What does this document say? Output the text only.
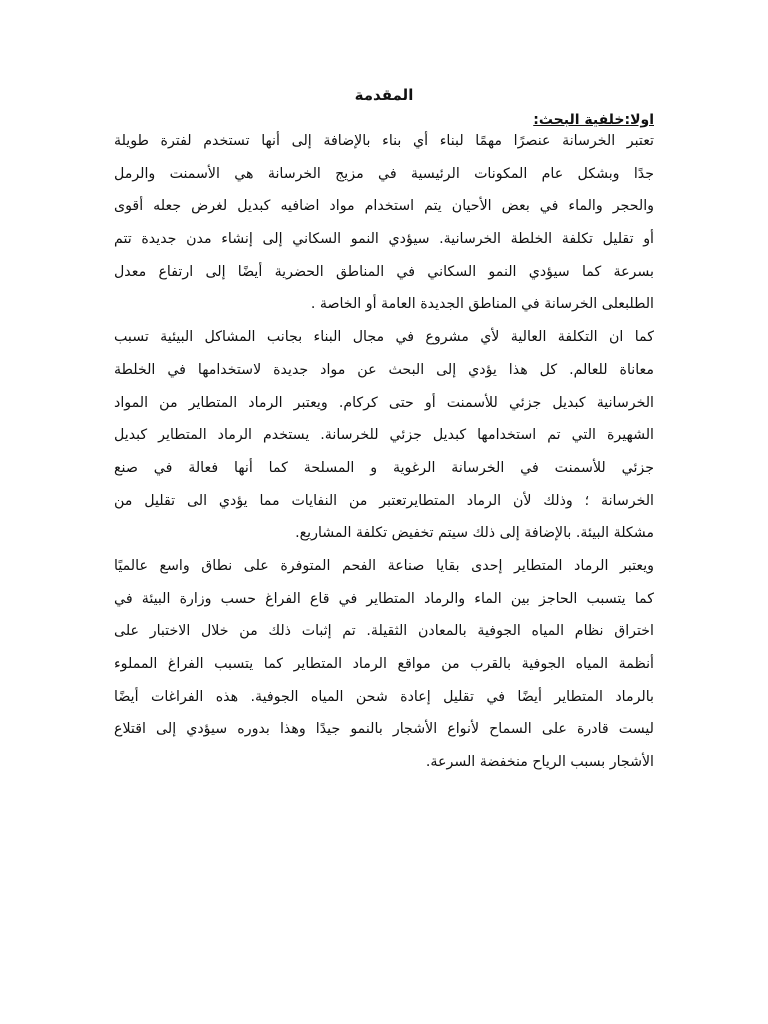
المقدمة
اولا:خلفية البحث:
تعتبر الخرسانة عنصرًا مهمًا لبناء أي بناء بالإضافة إلى أنها تستخدم لفترة طويلة
جدًا وبشكل عام المكونات الرئيسية في مزيج الخرسانة هي الأسمنت والرمل
والحجر والماء في بعض الأحيان يتم استخدام مواد اضافيه كبديل لغرض جعله أقوى
أو تقليل تكلفة الخلطة الخرسانية. سيؤدي النمو السكاني إلى إنشاء مدن جديدة تتم
بسرعة كما سيؤدي النمو السكاني في المناطق الحضرية أيضًا إلى ارتفاع معدل
الطلبعلى الخرسانة في المناطق الجديدة العامة أو الخاصة .
كما ان التكلفة العالية لأي مشروع في مجال البناء بجانب المشاكل البيئية تسبب
معاناة للعالم. كل هذا يؤدي إلى البحث عن مواد جديدة لاستخدامها في الخلطة
الخرسانية كبديل جزئي للأسمنت أو حتى كركام. ويعتبر الرماد المتطاير من المواد
الشهيرة التي تم استخدامها كبديل جزئي للخرسانة. يستخدم الرماد المتطاير كبديل
جزئي للأسمنت في الخرسانة الرغوية و المسلحة كما أنها فعالة في صنع
الخرسانة ؛ وذلك لأن الرماد المتطايرتعتبر من النفايات مما يؤدي الى تقليل من
مشكلة البيئة. بالإضافة إلى ذلك سيتم تخفيض تكلفة المشاريع.
ويعتبر الرماد المتطاير إحدى بقايا صناعة الفحم المتوفرة على نطاق واسع عالميًا
كما يتسبب الحاجز بين الماء والرماد المتطاير في قاع الفراغ حسب وزارة البيئة في
اختراق نظام المياه الجوفية بالمعادن الثقيلة. تم إثبات ذلك من خلال الاختبار على
أنظمة المياه الجوفية بالقرب من مواقع الرماد المتطاير كما يتسبب الفراغ المملوء
بالرماد المتطاير أيضًا في تقليل إعادة شحن المياه الجوفية. هذه الفراغات أيضًا
ليست قادرة على السماح لأنواع الأشجار بالنمو جيدًا وهذا بدوره سيؤدي إلى اقتلاع
الأشجار بسبب الرياح منخفضة السرعة.
